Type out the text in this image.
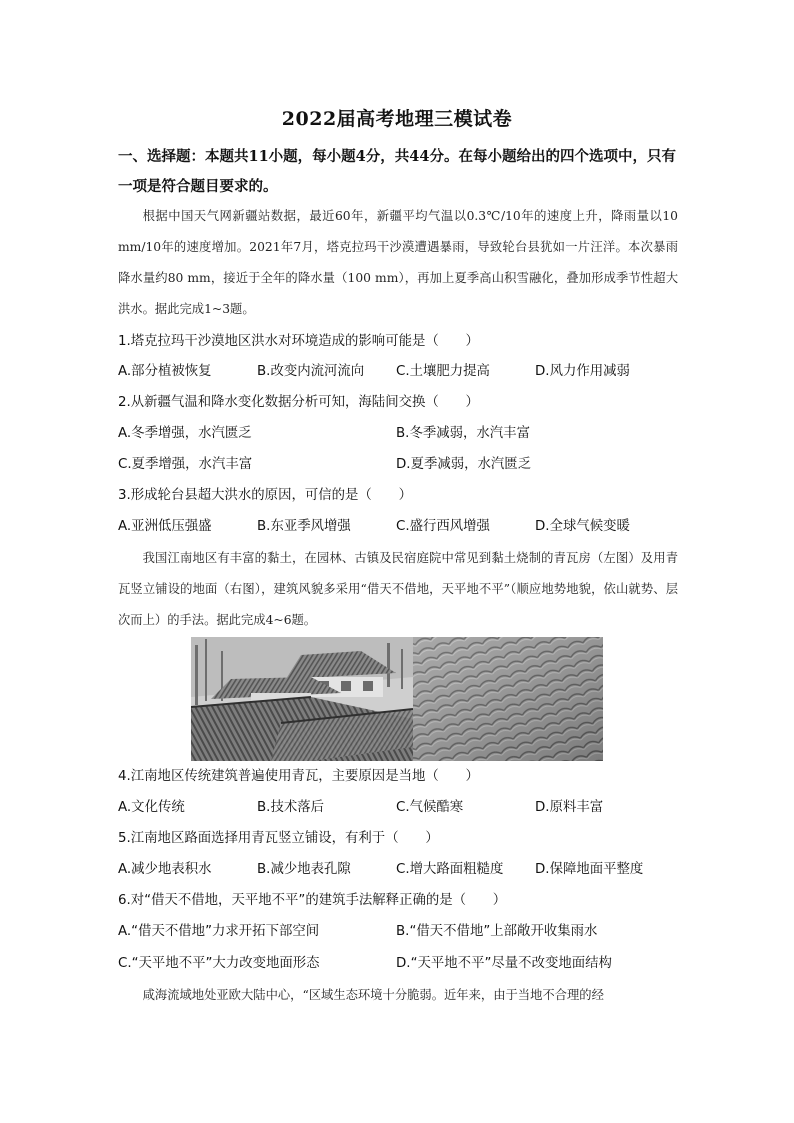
2022届高考地理三模试卷
一、选择题：本题共11小题，每小题4分，共44分。在每小题给出的四个选项中，只有一项是符合题目要求的。
根据中国天气网新疆站数据，最近60年，新疆平均气温以0.3℃/10年的速度上升，降雨量以10 mm/10年的速度增加。2021年7月，塔克拉玛干沙漠遭遇暴雨，导致轮台县犹如一片汪洋。本次暴雨降水量约80 mm，接近于全年的降水量（100 mm），再加上夏季高山积雪融化，叠加形成季节性超大洪水。据此完成1~3题。
1.塔克拉玛干沙漠地区洪水对环境造成的影响可能是（　　）
A.部分植被恢复	B.改变内流河流向 C.土壤肥力提高	D.风力作用减弱
2.从新疆气温和降水变化数据分析可知，海陆间交换（　　）
A.冬季增强，水汽匮乏	B.冬季减弱，水汽丰富
C.夏季增强，水汽丰富	D.夏季减弱，水汽匮乏
3.形成轮台县超大洪水的原因，可信的是（　　）
A.亚洲低压强盛	B.东亚季风增强	C.盛行西风增强	D.全球气候变暖
我国江南地区有丰富的黏土，在园林、古镇及民宿庭院中常见到黏土烧制的青瓦房（左图）及用青瓦竖立铺设的地面（右图），建筑风貌多采用“借天不借地，天平地不平”（顺应地势地貌，依山就势、层次而上）的手法。据此完成4~6题。
4.江南地区传统建筑普遍使用青瓦，主要原因是当地（　　）
A.文化传统	B.技术落后	C.气候酷寒	D.原料丰富
5.江南地区路面选择用青瓦竖立铺设，有利于（　　）
A.减少地表积水	B.减少地表孔隙	C.增大路面粗糙度 D.保障地面平整度
6.对“借天不借地，天平地不平”的建筑手法解释正确的是（　　）
A.“借天不借地”力求开拓下部空间	B.“借天不借地”上部敞开收集雨水
C.“天平地不平”大力改变地面形态	D.“天平地不平”尽量不改变地面结构
咸海流域地处亚欧大陆中心，“区域生态环境十分脆弱。近年来，由于当地不合理的经
